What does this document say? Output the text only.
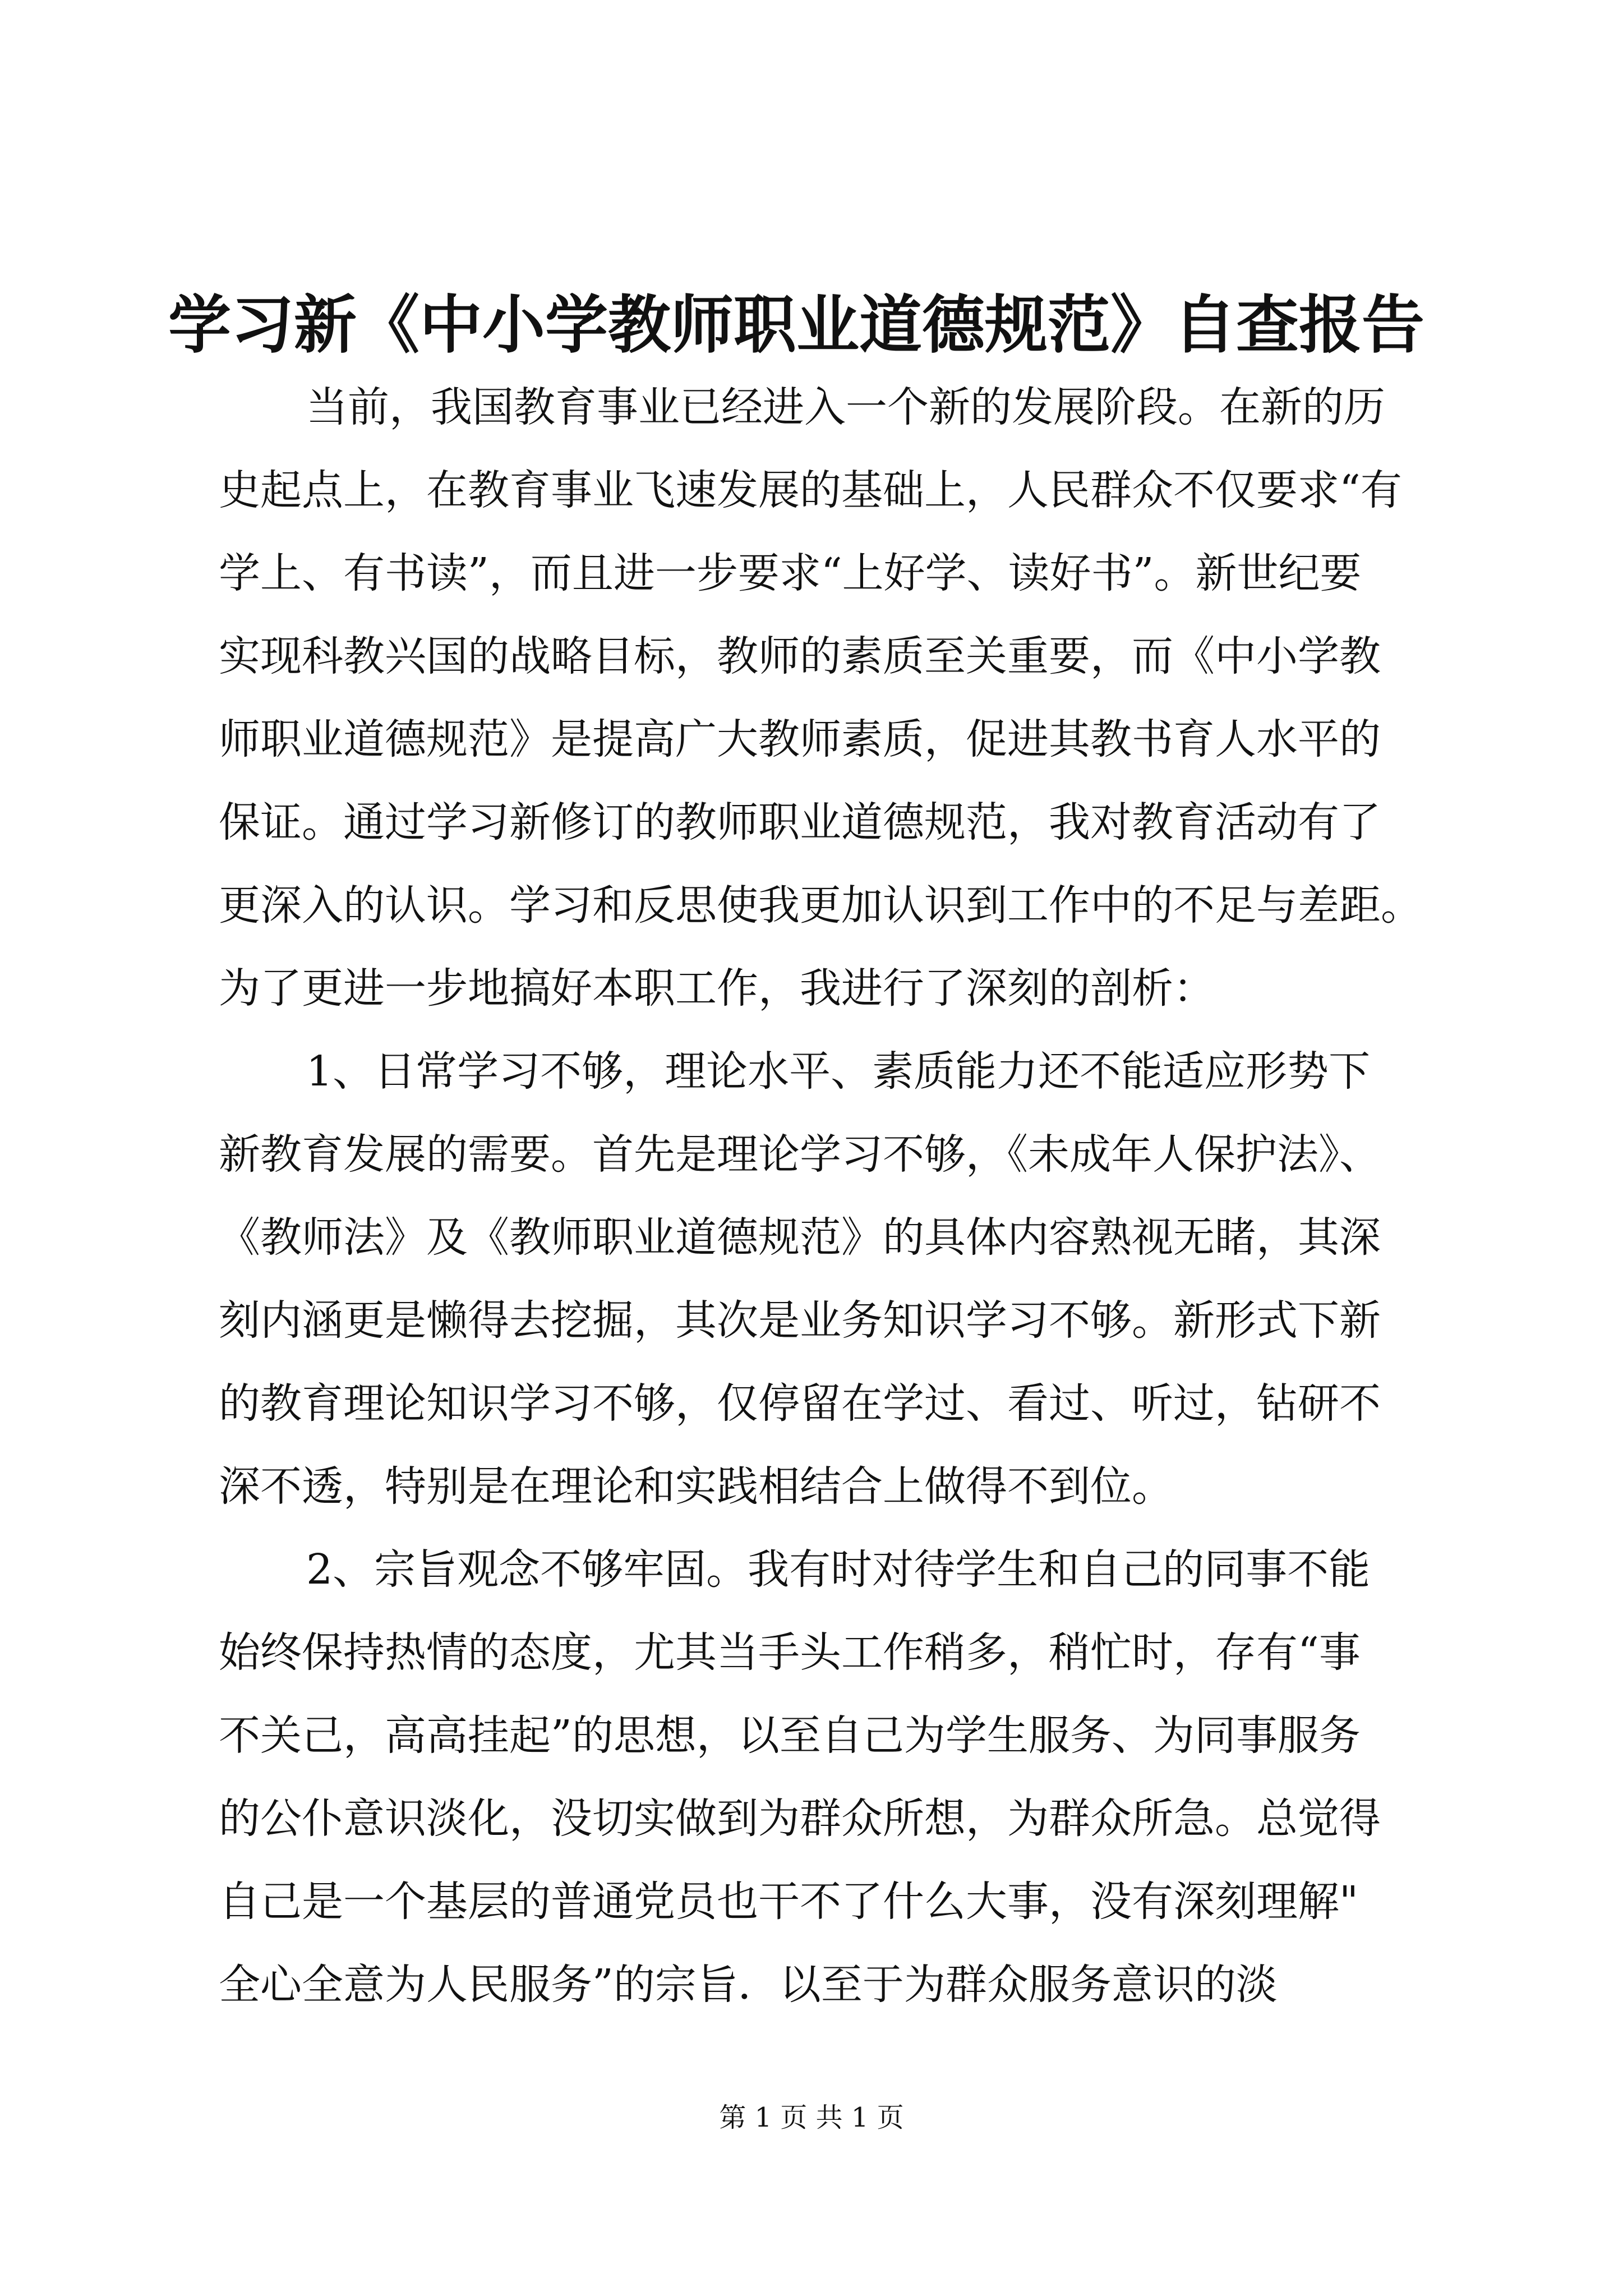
学习新《中小学教师职业道德规范》自查报告
当前，我国教育事业已经进入一个新的发展阶段。在新的历
史起点上，在教育事业飞速发展的基础上，人民群众不仅要求“有
学上、有书读”，而且进一步要求“上好学、读好书”。新世纪要
实现科教兴国的战略目标，教师的素质至关重要，而《中小学教
师职业道德规范》是提高广大教师素质，促进其教书育人水平的
保证。通过学习新修订的教师职业道德规范，我对教育活动有了
更深入的认识。学习和反思使我更加认识到工作中的不足与差距。
为了更进一步地搞好本职工作，我进行了深刻的剖析：
1、日常学习不够，理论水平、素质能力还不能适应形势下
新教育发展的需要。首先是理论学习不够，《未成年人保护法》、
《教师法》及《教师职业道德规范》的具体内容熟视无睹，其深
刻内涵更是懒得去挖掘，其次是业务知识学习不够。新形式下新
的教育理论知识学习不够，仅停留在学过、看过、听过，钻研不
深不透，特别是在理论和实践相结合上做得不到位。
2、宗旨观念不够牢固。我有时对待学生和自己的同事不能
始终保持热情的态度，尤其当手头工作稍多，稍忙时，存有“事
不关己，高高挂起”的思想，以至自己为学生服务、为同事服务
的公仆意识淡化，没切实做到为群众所想，为群众所急。总觉得
自己是一个基层的普通党员也干不了什么大事，没有深刻理解"
全心全意为人民服务”的宗旨．以至于为群众服务意识的淡
第 1 页 共 1 页
